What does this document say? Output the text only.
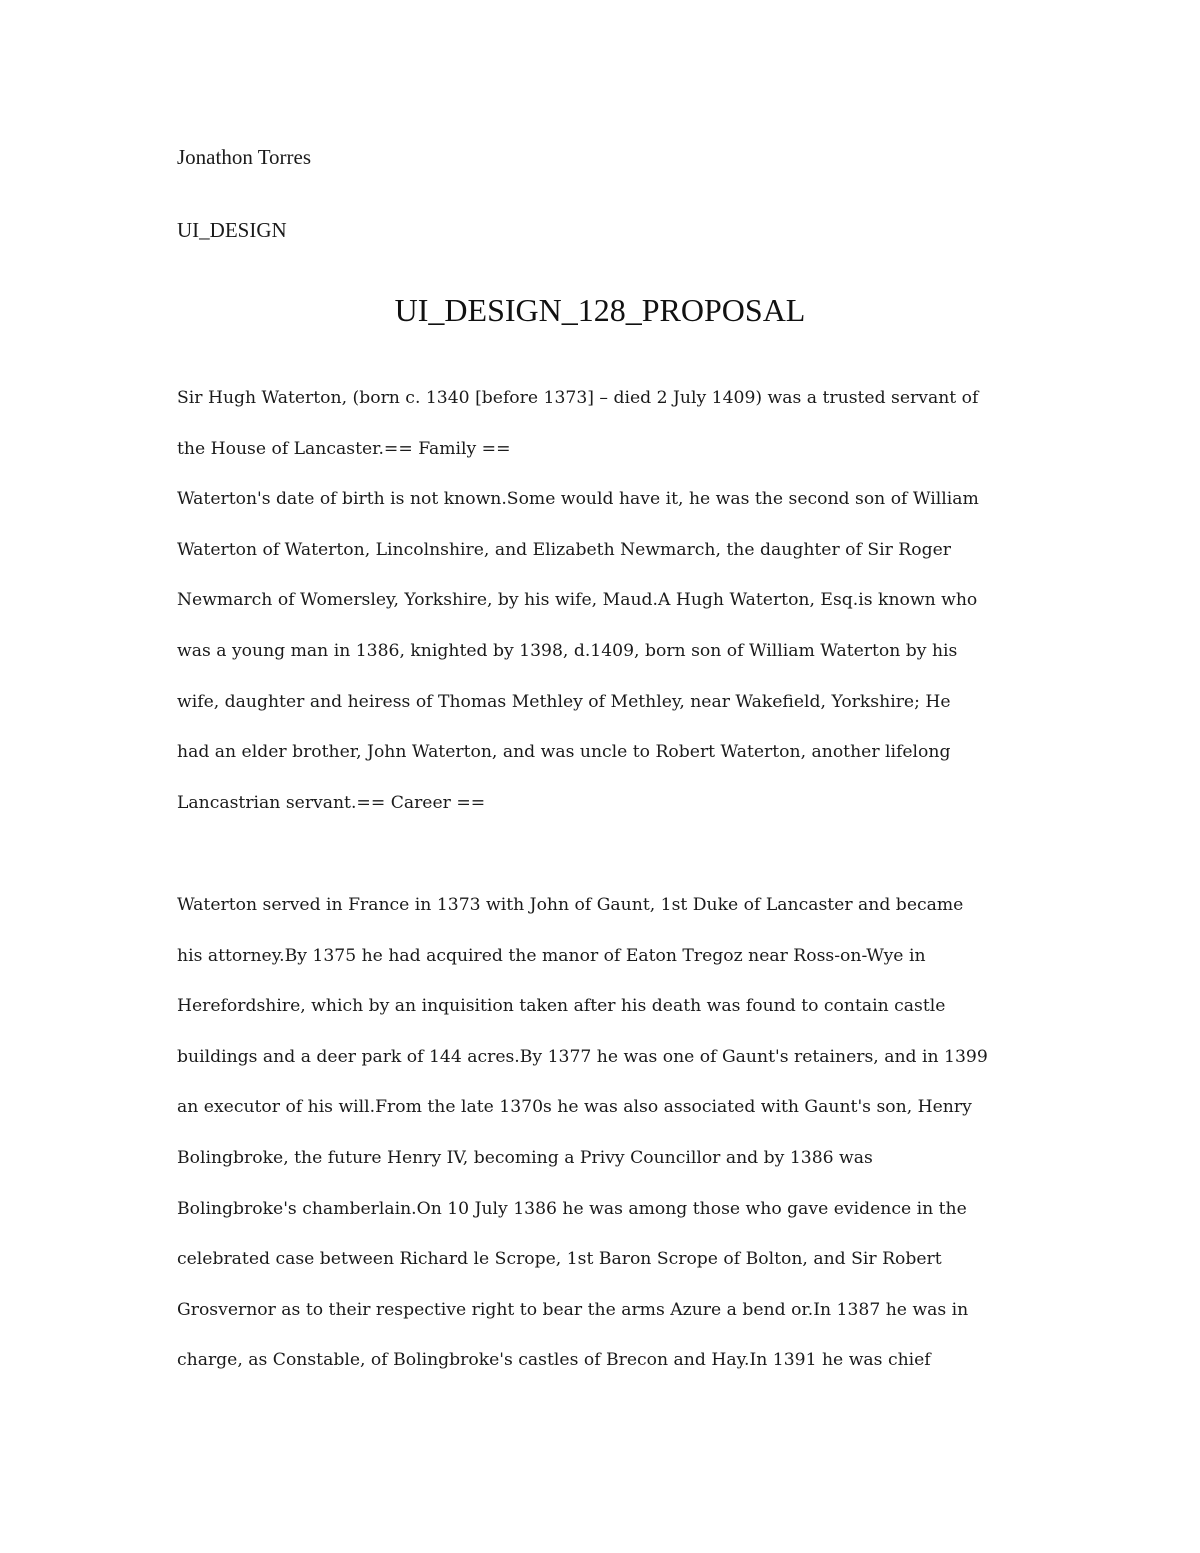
Jonathon Torres
UI_DESIGN
UI_DESIGN_128_PROPOSAL
Sir Hugh Waterton, (born c. 1340 [before 1373] – died 2 July 1409) was a trusted servant of
the House of Lancaster.== Family ==
Waterton's date of birth is not known.Some would have it, he was the second son of William
Waterton of Waterton, Lincolnshire, and Elizabeth Newmarch, the daughter of Sir Roger
Newmarch of Womersley, Yorkshire, by his wife, Maud.A Hugh Waterton, Esq.is known who
was a young man in 1386, knighted by 1398, d.1409, born son of William Waterton by his
wife, daughter and heiress of Thomas Methley of Methley, near Wakefield, Yorkshire; He
had an elder brother, John Waterton, and was uncle to Robert Waterton, another lifelong
Lancastrian servant.== Career ==
Waterton served in France in 1373 with John of Gaunt, 1st Duke of Lancaster and became
his attorney.By 1375 he had acquired the manor of Eaton Tregoz near Ross-on-Wye in
Herefordshire, which by an inquisition taken after his death was found to contain castle
buildings and a deer park of 144 acres.By 1377 he was one of Gaunt's retainers, and in 1399
an executor of his will.From the late 1370s he was also associated with Gaunt's son, Henry
Bolingbroke, the future Henry IV, becoming a Privy Councillor and by 1386 was
Bolingbroke's chamberlain.On 10 July 1386 he was among those who gave evidence in the
celebrated case between Richard le Scrope, 1st Baron Scrope of Bolton, and Sir Robert
Grosvernor as to their respective right to bear the arms Azure a bend or.In 1387 he was in
charge, as Constable, of Bolingbroke's castles of Brecon and Hay.In 1391 he was chief
